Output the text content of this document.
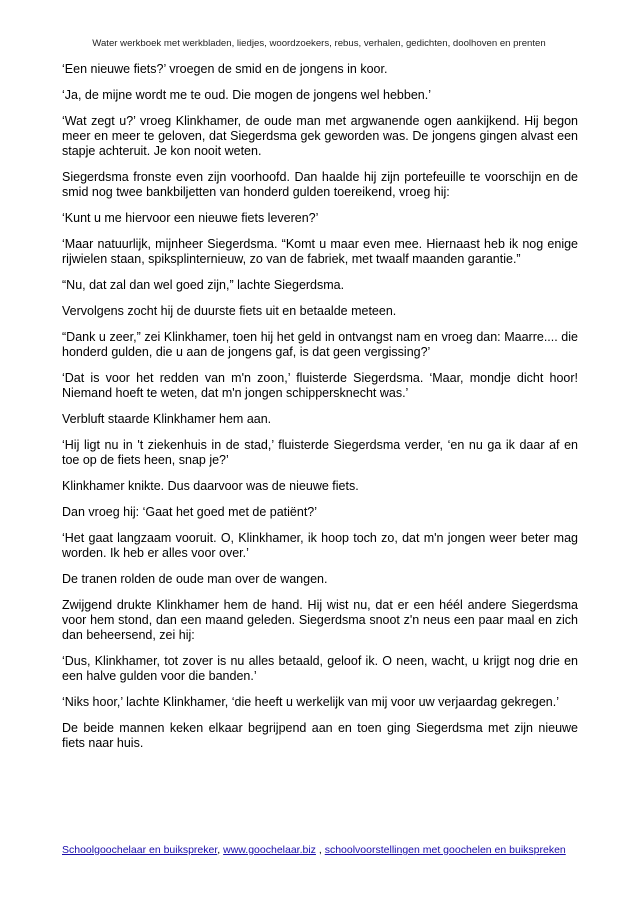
Water werkboek met werkbladen, liedjes, woordzoekers, rebus, verhalen, gedichten, doolhoven en prenten

‘Een nieuwe fiets?’ vroegen de smid en de jongens in koor.

‘Ja, de mijne wordt me te oud. Die mogen de jongens wel hebben.’

‘Wat zegt u?’ vroeg Klinkhamer, de oude man met argwanende ogen aankijkend. Hij begon meer en meer te geloven, dat Siegerdsma gek geworden was. De jongens gingen alvast een stapje achteruit. Je kon nooit weten.

Siegerdsma fronste even zijn voorhoofd. Dan haalde hij zijn portefeuille te voorschijn en de smid nog twee bankbiljetten van honderd gulden toereikend, vroeg hij:

‘Kunt u me hiervoor een nieuwe fiets leveren?’

‘Maar natuurlijk, mijnheer Siegerdsma. “Komt u maar even mee. Hiernaast heb ik nog enige rijwielen staan, spiksplinternieuw, zo van de fabriek, met twaalf maanden garantie.”

“Nu, dat zal dan wel goed zijn,” lachte Siegerdsma.

Vervolgens zocht hij de duurste fiets uit en betaalde meteen.

“Dank u zeer,” zei Klinkhamer, toen hij het geld in ontvangst nam en vroeg dan: Maarre.... die honderd gulden, die u aan de jongens gaf, is dat geen vergissing?’

‘Dat is voor het redden van m'n zoon,’ fluisterde Siegerdsma. ‘Maar, mondje dicht hoor! Niemand hoeft te weten, dat m'n jongen schippersknecht was.’

Verbluft staarde Klinkhamer hem aan.

‘Hij ligt nu in 't ziekenhuis in de stad,’ fluisterde Siegerdsma verder, ‘en nu ga ik daar af en toe op de fiets heen, snap je?’

Klinkhamer knikte. Dus daarvoor was de nieuwe fiets.

Dan vroeg hij: ‘Gaat het goed met de patiënt?’

‘Het gaat langzaam vooruit. O, Klinkhamer, ik hoop toch zo, dat m'n jongen weer beter mag worden. Ik heb er alles voor over.’

De tranen rolden de oude man over de wangen.

Zwijgend drukte Klinkhamer hem de hand. Hij wist nu, dat er een héél andere Siegerdsma voor hem stond, dan een maand geleden. Siegerdsma snoot z'n neus een paar maal en zich dan beheersend, zei hij:

‘Dus, Klinkhamer, tot zover is nu alles betaald, geloof ik. O neen, wacht, u krijgt nog drie en een halve gulden voor die banden.’

‘Niks hoor,’ lachte Klinkhamer, ‘die heeft u werkelijk van mij voor uw verjaardag gekregen.’

De beide mannen keken elkaar begrijpend aan en toen ging Siegerdsma met zijn nieuwe fiets naar huis.

Schoolgoochelaar en buikspreker, www.goochelaar.biz , schoolvoorstellingen met goochelen en buikspreken
